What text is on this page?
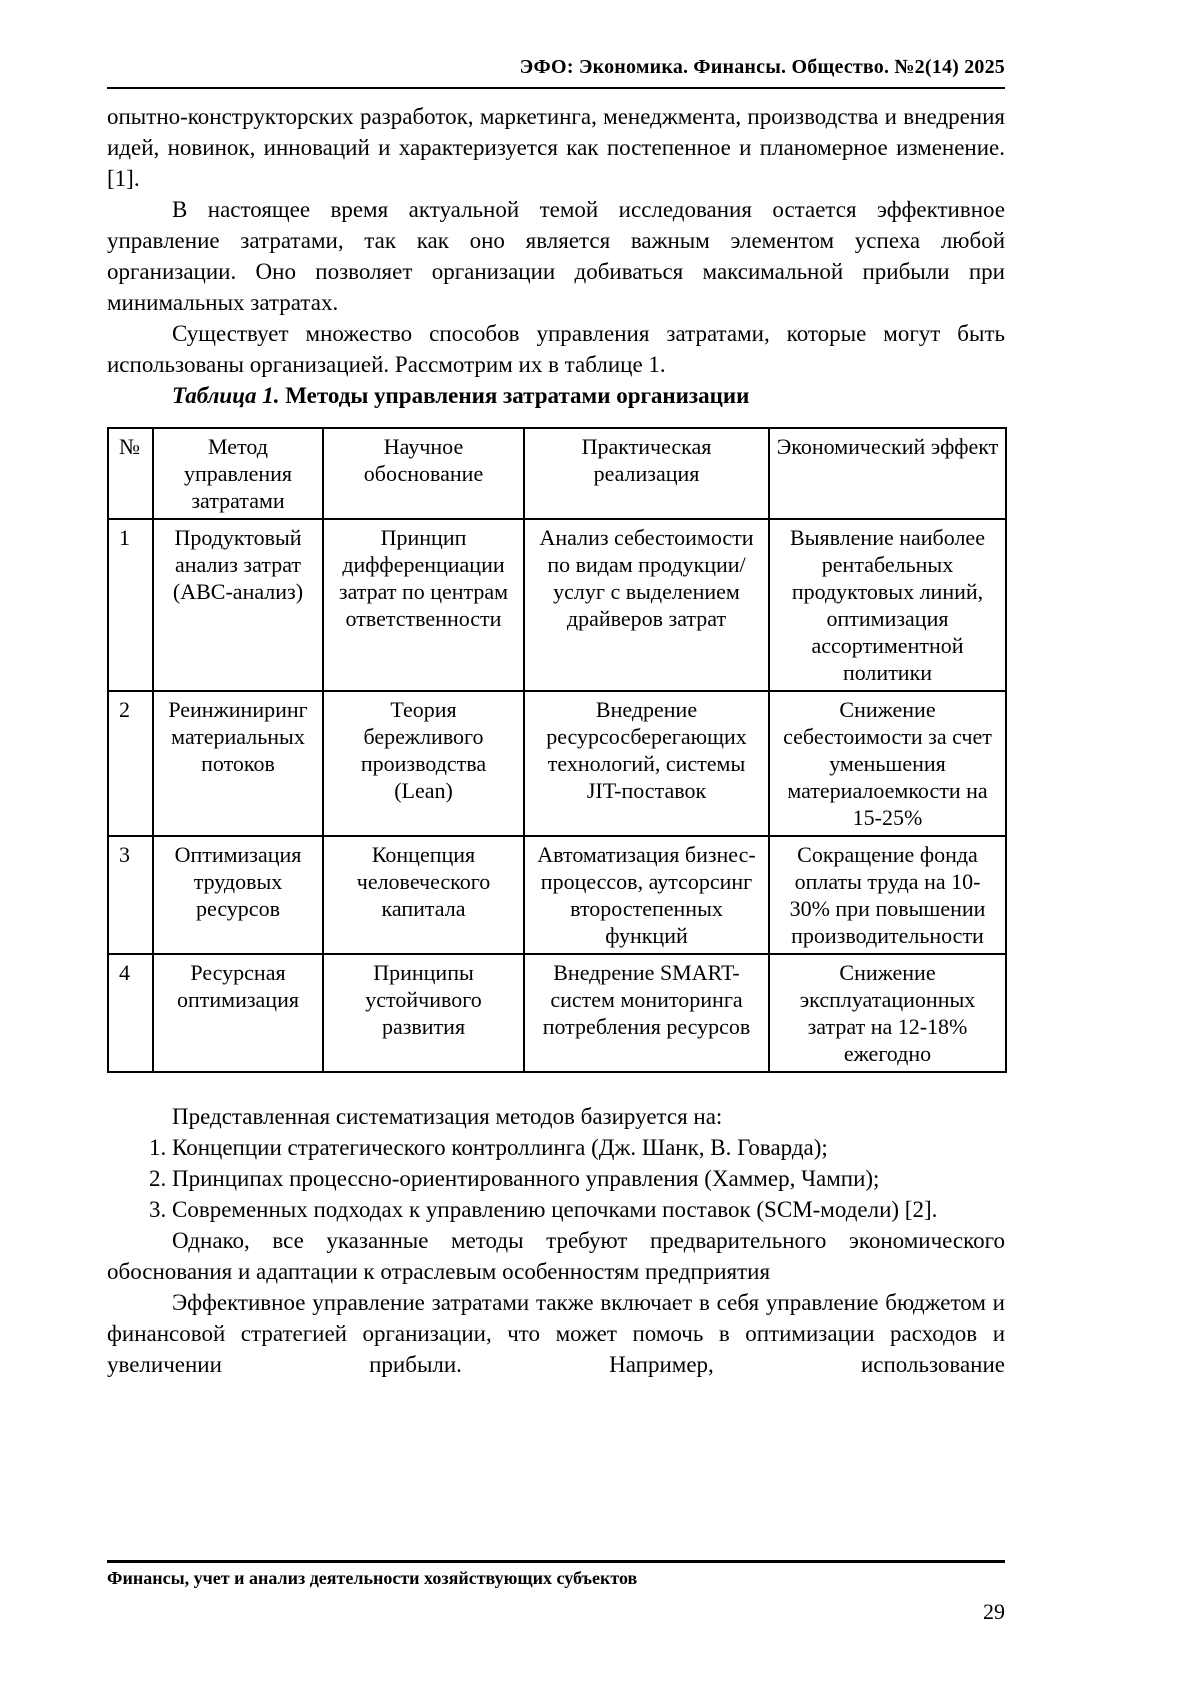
ЭФО: Экономика. Финансы. Общество. №2(14) 2025

опытно-конструкторских разработок, маркетинга, менеджмента, производства и внедрения идей, новинок, инноваций и характеризуется как постепенное и планомерное изменение. [1].

В настоящее время актуальной темой исследования остается эффективное управление затратами, так как оно является важным элементом успеха любой организации. Оно позволяет организации добиваться максимальной прибыли при минимальных затратах.

Существует множество способов управления затратами, которые могут быть использованы организацией. Рассмотрим их в таблице 1.

Таблица 1. Методы управления затратами организации

№	Метод управления затратами	Научное обоснование	Практическая реализация	Экономический эффект
1	Продуктовый анализ затрат (ABC-анализ)	Принцип дифференциации затрат по центрам ответственности	Анализ себестоимости по видам продукции/услуг с выделением драйверов затрат	Выявление наиболее рентабельных продуктовых линий, оптимизация ассортиментной политики
2	Реинжиниринг материальных потоков	Теория бережливого производства (Lean)	Внедрение ресурсосберегающих технологий, системы JIT-поставок	Снижение себестоимости за счет уменьшения материалоемкости на 15-25%
3	Оптимизация трудовых ресурсов	Концепция человеческого капитала	Автоматизация бизнес-процессов, аутсорсинг второстепенных функций	Сокращение фонда оплаты труда на 10-30% при повышении производительности
4	Ресурсная оптимизация	Принципы устойчивого развития	Внедрение SMART-систем мониторинга потребления ресурсов	Снижение эксплуатационных затрат на 12-18% ежегодно

Представленная систематизация методов базируется на:

1. Концепции стратегического контроллинга (Дж. Шанк, В. Говарда);
2. Принципах процессно-ориентированного управления (Хаммер, Чампи);
3. Современных подходах к управлению цепочками поставок (SCM-модели) [2].

Однако, все указанные методы требуют предварительного экономического обоснования и адаптации к отраслевым особенностям предприятия

Эффективное управление затратами также включает в себя управление бюджетом и финансовой стратегией организации, что может помочь в оптимизации расходов и увеличении прибыли. Например, использование

Финансы, учет и анализ деятельности хозяйствующих субъектов
29
